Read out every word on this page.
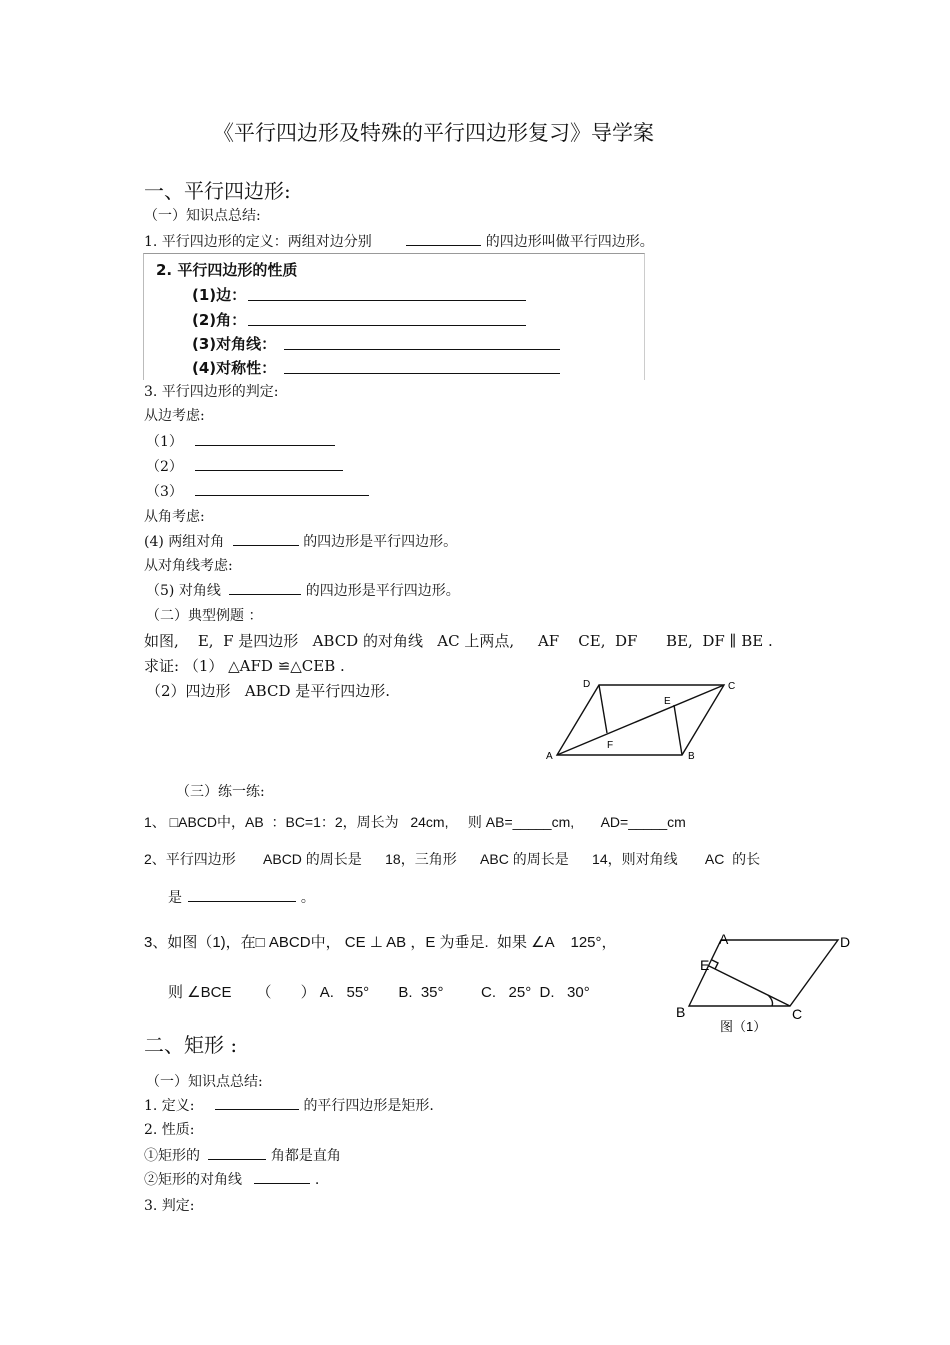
《平行四边形及特殊的平行四边形复习》导学案
一、平行四边形:
（一）知识点总结:
1. 平行四边形的定义：两组对边分别	的四边形叫做平行四边形。
2. 平行四边形的性质
(1)边：
(2)角：
(3)对角线：
(4)对称性：
3. 平行四边形的判定:
从边考虑:
（1）
（2）
（3）
从角考虑:
(4) 两组对角	的四边形是平行四边形。
从对角线考虑:
（5) 对角线	的四边形是平行四边形。
（二）典型例题 ：
如图,    E,  F 是四边形   ABCD 的对角线   AC 上两点,     AF    CE,  DF      BE,  DF ∥ BE .
求证: （1） △AFD ≌△CEB .
（2）四边形   ABCD 是平行四边形.
A	B
C
D
E
F
（三）练一练:
1、 □ABCD中，AB  ：BC=1：2，周长为   24cm,     则 AB=_____cm,       AD=_____cm
2、平行四边形       ABCD 的周长是      18，三角形      ABC 的周长是      14，则对角线       AC  的长
是	。
3、如图（1)，在□ ABCD中， CE ⊥ AB ，E 为垂足.  如果 ∠A    125°，
则 ∠BCE      （       ） A.   55°       B.  35°         C.   25°  D.   30°
A
B	C
D
E
图（1）
二、矩形 :
（一）知识点总结:
1. 定义:	的平行四边形是矩形.
2. 性质:
①矩形的	角都是直角
②矩形的对角线	.
3. 判定:
